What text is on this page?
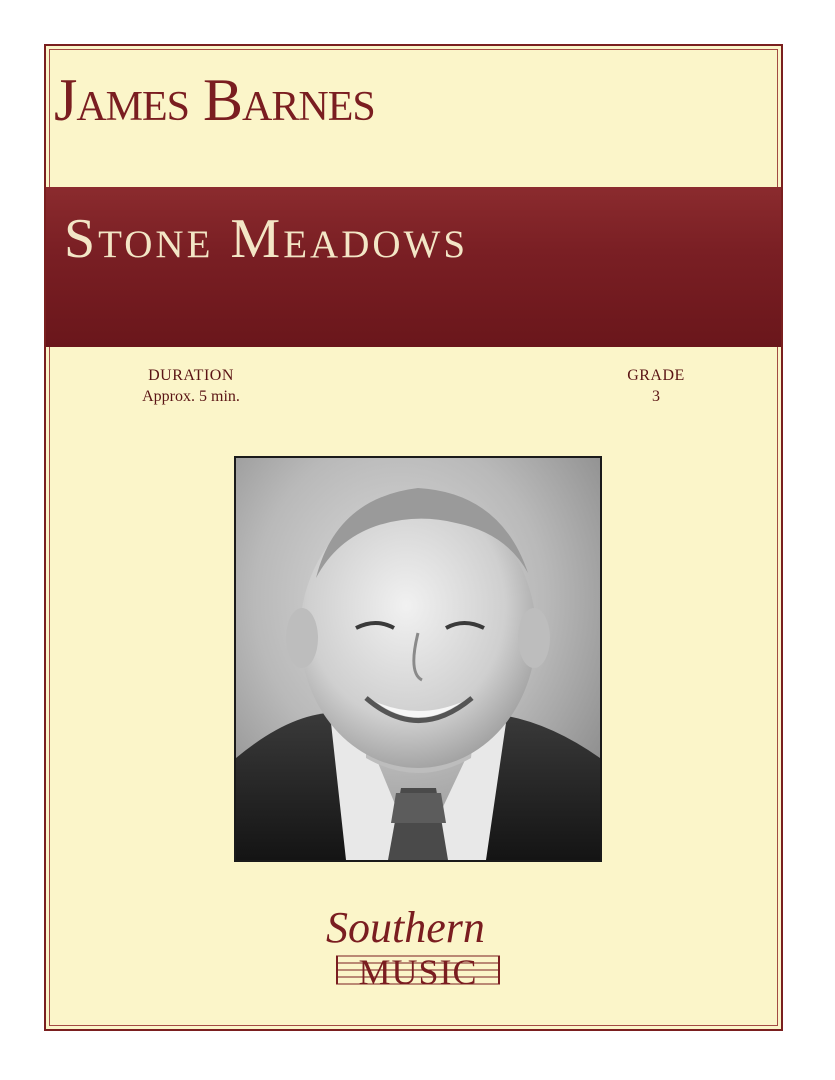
James Barnes
Stone Meadows
DURATION
Approx. 5 min.
GRADE
3
Southern
MUSIC
